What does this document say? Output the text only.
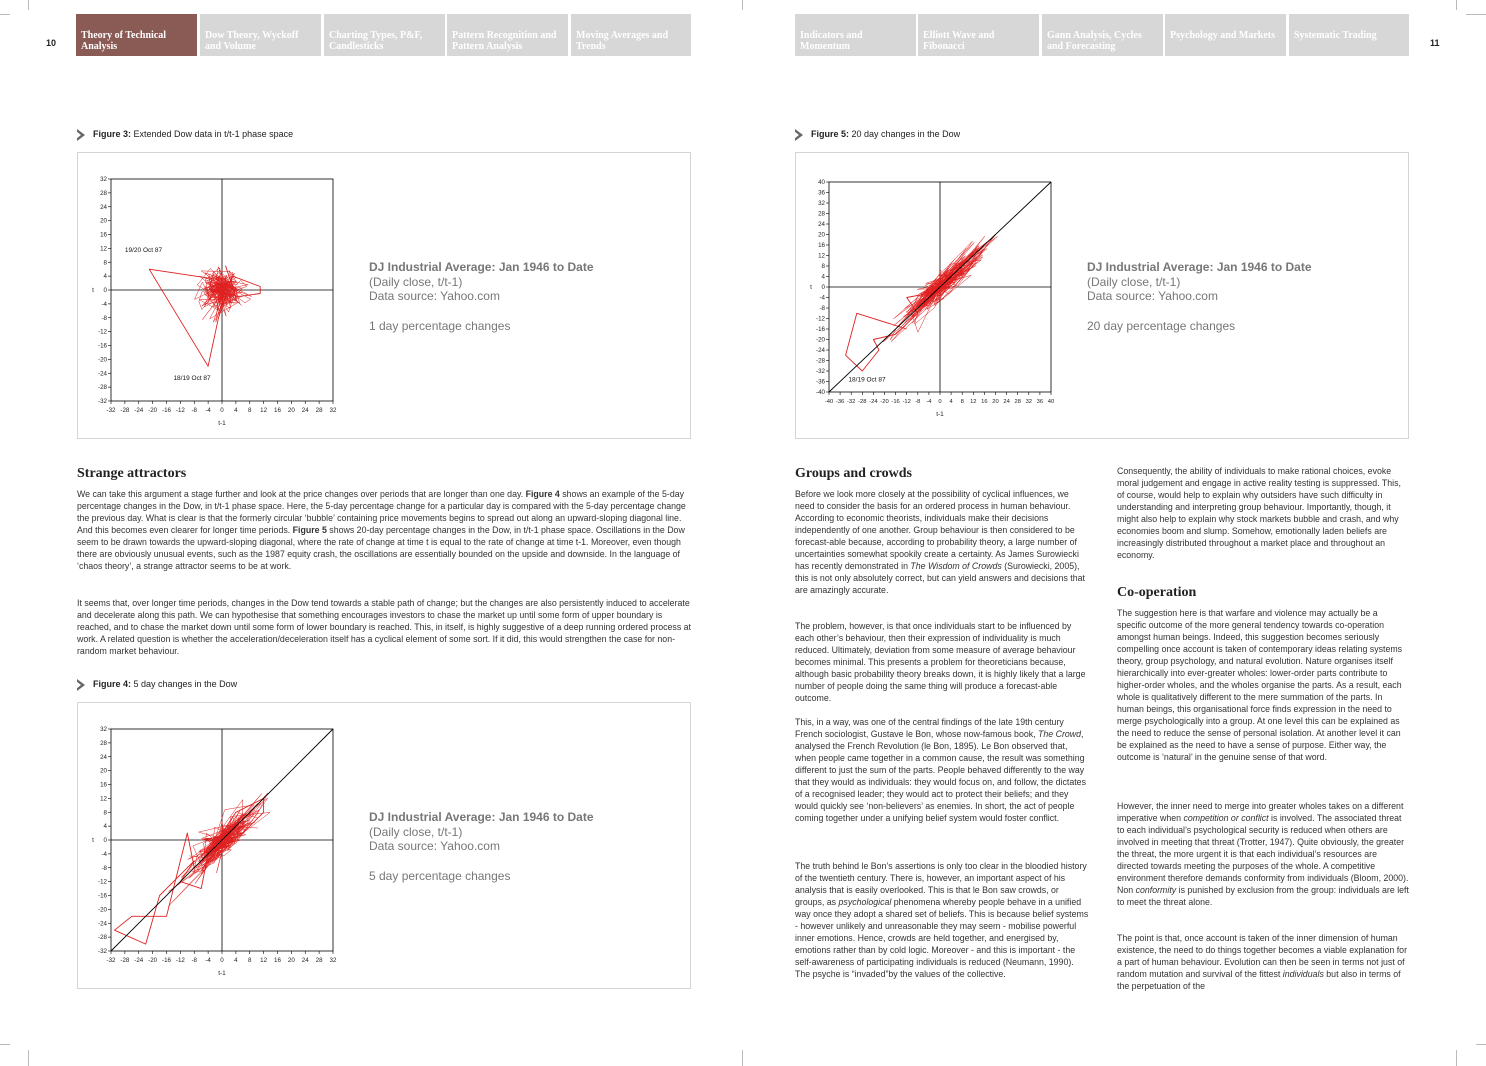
10	11
Theory of Technical Analysis
Dow Theory, Wyckoff and Volume
Charting Types, P&F, Candlesticks
Pattern Recognition and Pattern Analysis
Moving Averages and Trends
Indicators and Momentum
Elliott Wave and Fibonacci
Gann Analysis, Cycles and Forecasting
Psychology and Markets	Systematic Trading
Figure 3: Extended Dow data in t/t-1 phase space
32
28
24
20
16
12
8
4
0
-4
-8
-12
-16
-20
-24
-28
-32
-32 -28 -24 -20 -16 -12 -8 -4 0 4 8 12 16 20 24 28 32
t-1
t
19/20 Oct 87
18/19 Oct 87
DJ Industrial Average: Jan 1946 to Date
(Daily close, t/t-1)
Data source: Yahoo.com
1 day percentage changes
Strange attractors

We can take this argument a stage further and look at the price changes over periods that are longer than one day. Figure 4 shows an example of the 5-day percentage changes in the Dow, in t/t-1 phase space. Here, the 5-day percentage change for a particular day is compared with the 5-day percentage change the previous day. What is clear is that the formerly circular ‘bubble’ containing price movements begins to spread out along an upward-sloping diagonal line. And this becomes even clearer for longer time periods. Figure 5 shows 20-day percentage changes in the Dow, in t/t-1 phase space. Oscillations in the Dow seem to be drawn towards the upward-sloping diagonal, where the rate of change at time t is equal to the rate of change at time t-1. Moreover, even though there are obviously unusual events, such as the 1987 equity crash, the oscillations are essentially bounded on the upside and downside. In the language of ‘chaos theory’, a strange attractor seems to be at work.

It seems that, over longer time periods, changes in the Dow tend towards a stable path of change; but the changes are also persistently induced to accelerate and decelerate along this path. We can hypothesise that something encourages investors to chase the market up until some form of upper boundary is reached, and to chase the market down until some form of lower boundary is reached. This, in itself, is highly suggestive of a deep running ordered process at work. A related question is whether the acceleration/deceleration itself has a cyclical element of some sort. If it did, this would strengthen the case for non-random market behaviour.

Figure 4: 5 day changes in the Dow
32
28
24
20
16
12
8
4
0
-4
-8
-12
-16
-20
-24
-28
-32
-32 -28 -24 -20 -16 -12 -8 -4 0 4 8 12 16 20 24 28 32
t-1
t
DJ Industrial Average: Jan 1946 to Date
(Daily close, t/t-1)
Data source: Yahoo.com
5 day percentage changes
Figure 5: 20 day changes in the Dow
40
36
32
28
24
20
16
12
8
4
0
-4
-8
-12
-16
-20
-24
-28
-32
-36
-40
-40 -36 -32 -28 -24 -20 -16 -12 -8 -4 0 4 8 12 16 20 24 28 32 36 40
t-1
t
18/19 Oct 87
DJ Industrial Average: Jan 1946 to Date
(Daily close, t/t-1)
Data source: Yahoo.com
20 day percentage changes
Groups and crowds

Before we look more closely at the possibility of cyclical influences, we need to consider the basis for an ordered process in human behaviour. According to economic theorists, individuals make their decisions independently of one another. Group behaviour is then considered to be forecast-able because, according to probability theory, a large number of uncertainties somewhat spookily create a certainty. As James Surowiecki has recently demonstrated in The Wisdom of Crowds (Surowiecki, 2005), this is not only absolutely correct, but can yield answers and decisions that are amazingly accurate.

The problem, however, is that once individuals start to be influenced by each other’s behaviour, then their expression of individuality is much reduced. Ultimately, deviation from some measure of average behaviour becomes minimal. This presents a problem for theoreticians because, although basic probability theory breaks down, it is highly likely that a large number of people doing the same thing will produce a forecast-able outcome.

This, in a way, was one of the central findings of the late 19th century French sociologist, Gustave le Bon, whose now-famous book, The Crowd, analysed the French Revolution (le Bon, 1895). Le Bon observed that, when people came together in a common cause, the result was something different to just the sum of the parts. People behaved differently to the way that they would as individuals: they would focus on, and follow, the dictates of a recognised leader; they would act to protect their beliefs; and they would quickly see ‘non-believers’ as enemies. In short, the act of people coming together under a unifying belief system would foster conflict.

The truth behind le Bon’s assertions is only too clear in the bloodied history of the twentieth century. There is, however, an important aspect of his analysis that is easily overlooked. This is that le Bon saw crowds, or groups, as psychological phenomena whereby people behave in a unified way once they adopt a shared set of beliefs. This is because belief systems - however unlikely and unreasonable they may seem - mobilise powerful inner emotions. Hence, crowds are held together, and energised by, emotions rather than by cold logic. Moreover - and this is important - the self-awareness of participating individuals is reduced (Neumann, 1990). The psyche is “invaded”by the values of the collective.

Consequently, the ability of individuals to make rational choices, evoke moral judgement and engage in active reality testing is suppressed. This, of course, would help to explain why outsiders have such difficulty in understanding and interpreting group behaviour. Importantly, though, it might also help to explain why stock markets bubble and crash, and why economies boom and slump. Somehow, emotionally laden beliefs are increasingly distributed throughout a market place and throughout an economy.

Co-operation

The suggestion here is that warfare and violence may actually be a specific outcome of the more general tendency towards co-operation amongst human beings. Indeed, this suggestion becomes seriously compelling once account is taken of contemporary ideas relating systems theory, group psychology, and natural evolution. Nature organises itself hierarchically into ever-greater wholes: lower-order parts contribute to higher-order wholes, and the wholes organise the parts. As a result, each whole is qualitatively different to the mere summation of the parts. In human beings, this organisational force finds expression in the need to merge psychologically into a group. At one level this can be explained as the need to reduce the sense of personal isolation. At another level it can be explained as the need to have a sense of purpose. Either way, the outcome is ‘natural’ in the genuine sense of that word.

However, the inner need to merge into greater wholes takes on a different imperative when competition or conflict is involved. The associated threat to each individual’s psychological security is reduced when others are involved in meeting that threat (Trotter, 1947). Quite obviously, the greater the threat, the more urgent it is that each individual’s resources are directed towards meeting the purposes of the whole. A competitive environment therefore demands conformity from individuals (Bloom, 2000). Non conformity is punished by exclusion from the group: individuals are left to meet the threat alone.

The point is that, once account is taken of the inner dimension of human existence, the need to do things together becomes a viable explanation for a part of human behaviour. Evolution can then be seen in terms not just of random mutation and survival of the fittest individuals but also in terms of the perpetuation of the
